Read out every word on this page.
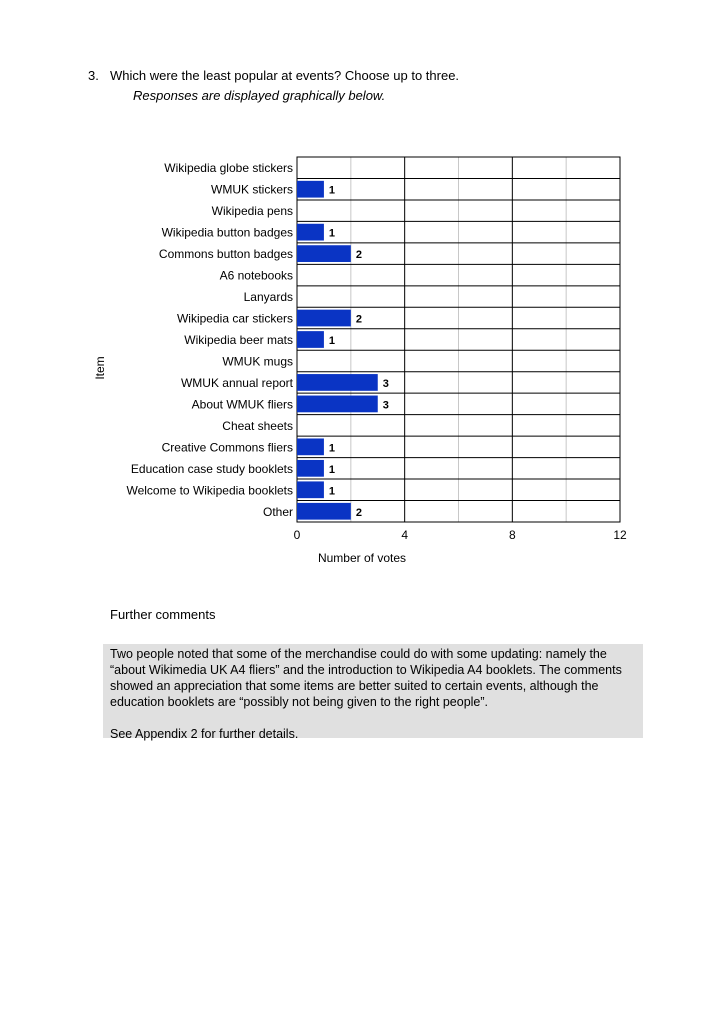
3. Which were the least popular at events? Choose up to three.
Responses are displayed graphically below.
Wikipedia globe stickers
WMUK stickers	1
Wikipedia pens
Wikipedia button badges	1
Commons button badges	2
A6 notebooks
Lanyards
Wikipedia car stickers	2
Wikipedia beer mats	1
WMUK mugs
WMUK annual report	3
About WMUK fliers	3
Cheat sheets
Creative Commons fliers	1
Education case study booklets	1
Welcome to Wikipedia booklets	1
Other	2
0	4	8	12
Number of votes
Item
Further comments

Two people noted that some of the merchandise could do with some updating: namely the “about Wikimedia UK A4 fliers” and the introduction to Wikipedia A4 booklets. The comments showed an appreciation that some items are better suited to certain events, although the education booklets are “possibly not being given to the right people”.

See Appendix 2 for further details.
